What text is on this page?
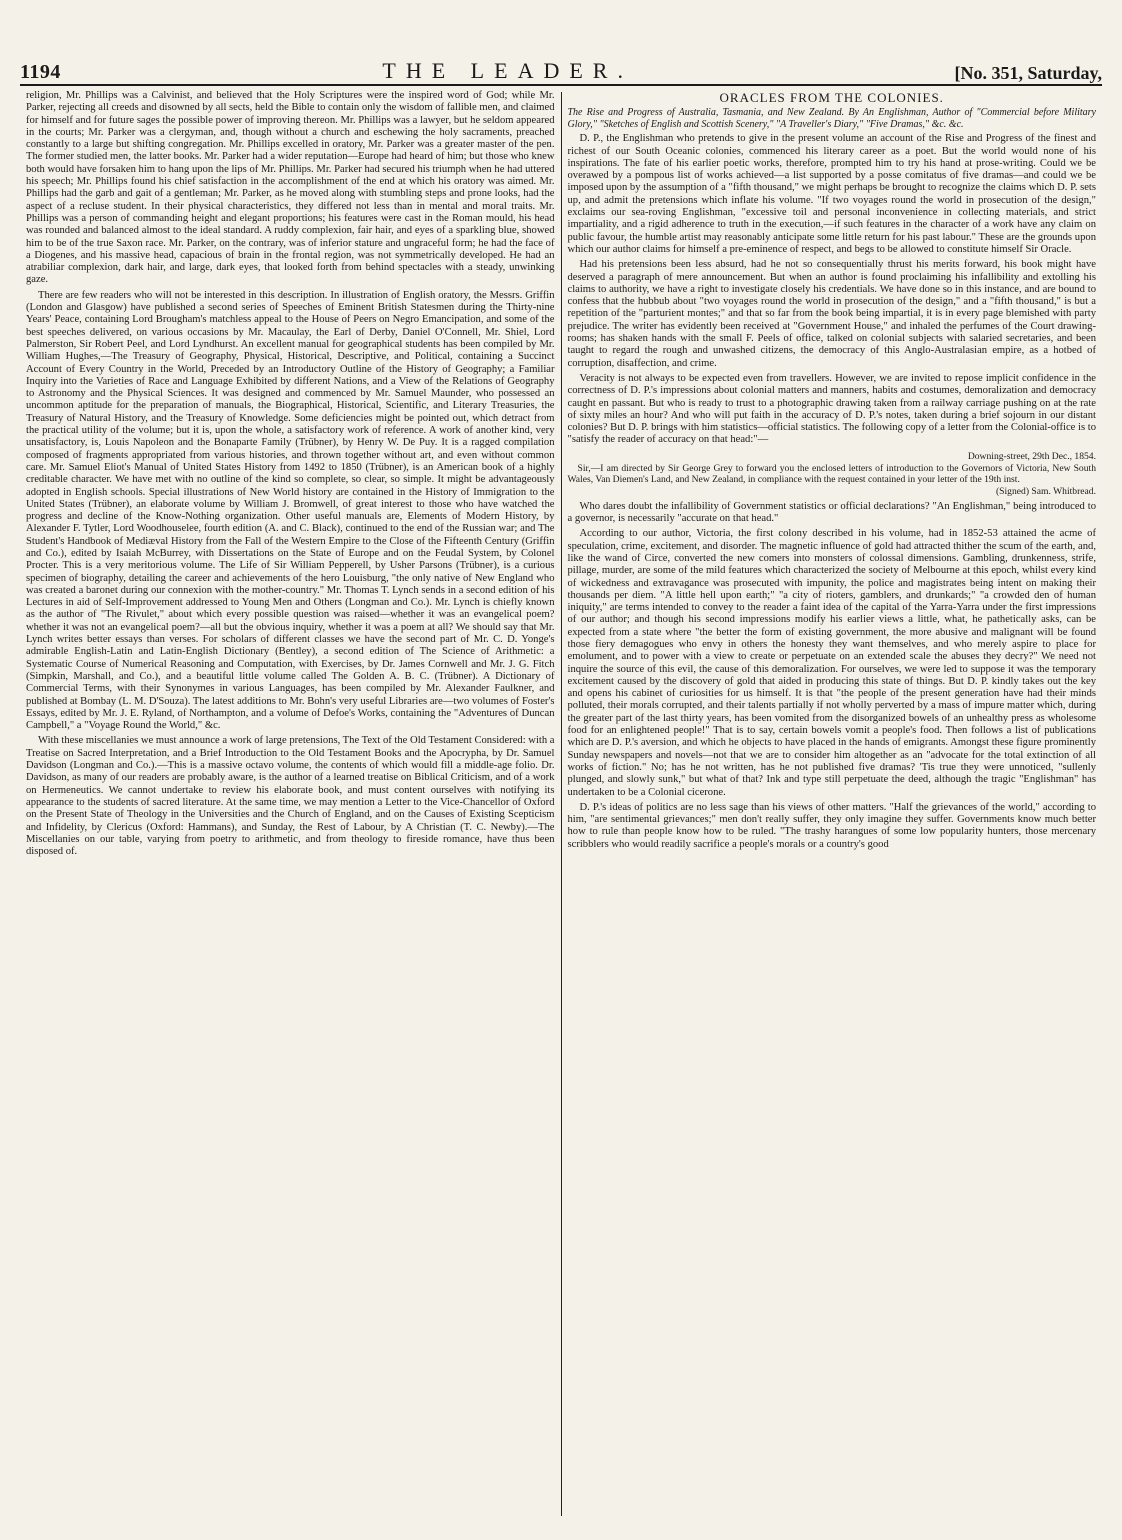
1194	THE LEADER.	[No. 351, Saturday,

religion, Mr. Phillips was a Calvinist, and believed that the Holy Scriptures were the inspired word of God; while Mr. Parker, rejecting all creeds and disowned by all sects, held the Bible to contain only the wisdom of fallible men, and claimed for himself and for future sages the possible power of improving thereon. Mr. Phillips was a lawyer, but he seldom appeared in the courts; Mr. Parker was a clergyman, and, though without a church and eschewing the holy sacraments, preached constantly to a large but shifting congregation. Mr. Phillips excelled in oratory, Mr. Parker was a greater master of the pen. The former studied men, the latter books. Mr. Parker had a wider reputation—Europe had heard of him; but those who knew both would have forsaken him to hang upon the lips of Mr. Phillips. Mr. Parker had secured his triumph when he had uttered his speech; Mr. Phillips found his chief satisfaction in the accomplishment of the end at which his oratory was aimed. Mr. Phillips had the garb and gait of a gentleman; Mr. Parker, as he moved along with stumbling steps and prone looks, had the aspect of a recluse student. In their physical characteristics, they differed not less than in mental and moral traits. Mr. Phillips was a person of commanding height and elegant proportions; his features were cast in the Roman mould, his head was rounded and balanced almost to the ideal standard. A ruddy complexion, fair hair, and eyes of a sparkling blue, showed him to be of the true Saxon race. Mr. Parker, on the contrary, was of inferior stature and ungraceful form; he had the face of a Diogenes, and his massive head, capacious of brain in the frontal region, was not symmetrically developed. He had an atrabiliar complexion, dark hair, and large, dark eyes, that looked forth from behind spectacles with a steady, unwinking gaze.

There are few readers who will not be interested in this description. In illustration of English oratory, the Messrs. Griffin (London and Glasgow) have published a second series of Speeches of Eminent British Statesmen during the Thirty-nine Years' Peace, containing Lord Brougham's matchless appeal to the House of Peers on Negro Emancipation, and some of the best speeches delivered, on various occasions by Mr. Macaulay, the Earl of Derby, Daniel O'Connell, Mr. Shiel, Lord Palmerston, Sir Robert Peel, and Lord Lyndhurst. An excellent manual for geographical students has been compiled by Mr. William Hughes,—The Treasury of Geography, Physical, Historical, Descriptive, and Political, containing a Succinct Account of Every Country in the World, Preceded by an Introductory Outline of the History of Geography; a Familiar Inquiry into the Varieties of Race and Language Exhibited by different Nations, and a View of the Relations of Geography to Astronomy and the Physical Sciences. It was designed and commenced by Mr. Samuel Maunder, who possessed an uncommon aptitude for the preparation of manuals, the Biographical, Historical, Scientific, and Literary Treasuries, the Treasury of Natural History, and the Treasury of Knowledge. Some deficiencies might be pointed out, which detract from the practical utility of the volume; but it is, upon the whole, a satisfactory work of reference. A work of another kind, very unsatisfactory, is, Louis Napoleon and the Bonaparte Family (Trübner), by Henry W. De Puy. It is a ragged compilation composed of fragments appropriated from various histories, and thrown together without art, and even without common care. Mr. Samuel Eliot's Manual of United States History from 1492 to 1850 (Trübner), is an American book of a highly creditable character. We have met with no outline of the kind so complete, so clear, so simple. It might be advantageously adopted in English schools. Special illustrations of New World history are contained in the History of Immigration to the United States (Trübner), an elaborate volume by William J. Bromwell, of great interest to those who have watched the progress and decline of the Know-Nothing organization. Other useful manuals are, Elements of Modern History, by Alexander F. Tytler, Lord Woodhouselee, fourth edition (A. and C. Black), continued to the end of the Russian war; and The Student's Handbook of Mediæval History from the Fall of the Western Empire to the Close of the Fifteenth Century (Griffin and Co.), edited by Isaiah McBurrey, with Dissertations on the State of Europe and on the Feudal System, by Colonel Procter. This is a very meritorious volume. The Life of Sir William Pepperell, by Usher Parsons (Trübner), is a curious specimen of biography, detailing the career and achievements of the hero Louisburg, "the only native of New England who was created a baronet during our connexion with the mother-country." Mr. Thomas T. Lynch sends in a second edition of his Lectures in aid of Self-Improvement addressed to Young Men and Others (Longman and Co.). Mr. Lynch is chiefly known as the author of "The Rivulet," about which every possible question was raised—whether it was an evangelical poem? whether it was not an evangelical poem?—all but the obvious inquiry, whether it was a poem at all? We should say that Mr. Lynch writes better essays than verses. For scholars of different classes we have the second part of Mr. C. D. Yonge's admirable English-Latin and Latin-English Dictionary (Bentley), a second edition of The Science of Arithmetic: a Systematic Course of Numerical Reasoning and Computation, with Exercises, by Dr. James Cornwell and Mr. J. G. Fitch (Simpkin, Marshall, and Co.), and a beautiful little volume called The Golden A. B. C. (Trübner). A Dictionary of Commercial Terms, with their Synonymes in various Languages, has been compiled by Mr. Alexander Faulkner, and published at Bombay (L. M. D'Souza). The latest additions to Mr. Bohn's very useful Libraries are—two volumes of Foster's Essays, edited by Mr. J. E. Ryland, of Northampton, and a volume of Defoe's Works, containing the "Adventures of Duncan Campbell," a "Voyage Round the World," &c.

With these miscellanies we must announce a work of large pretensions, The Text of the Old Testament Considered: with a Treatise on Sacred Interpretation, and a Brief Introduction to the Old Testament Books and the Apocrypha, by Dr. Samuel Davidson (Longman and Co.).—This is a massive octavo volume, the contents of which would fill a middle-age folio. Dr. Davidson, as many of our readers are probably aware, is the author of a learned treatise on Biblical Criticism, and of a work on Hermeneutics. We cannot undertake to review his elaborate book, and must content ourselves with notifying its appearance to the students of sacred literature. At the same time, we may mention a Letter to the Vice-Chancellor of Oxford on the Present State of Theology in the Universities and the Church of England, and on the Causes of Existing Scepticism and Infidelity, by Clericus (Oxford: Hammans), and Sunday, the Rest of Labour, by A Christian (T. C. Newby).—The Miscellanies on our table, varying from poetry to arithmetic, and from theology to fireside romance, have thus been disposed of.

ORACLES FROM THE COLONIES.

The Rise and Progress of Australia, Tasmania, and New Zealand. By An Englishman, Author of "Commercial before Military Glory," "Sketches of English and Scottish Scenery," "A Traveller's Diary," "Five Dramas," &c. &c.

D. P., the Englishman who pretends to give in the present volume an account of the Rise and Progress of the finest and richest of our South Oceanic colonies, commenced his literary career as a poet. But the world would none of his inspirations. The fate of his earlier poetic works, therefore, prompted him to try his hand at prose-writing. Could we be overawed by a pompous list of works achieved—a list supported by a posse comitatus of five dramas—and could we be imposed upon by the assumption of a "fifth thousand," we might perhaps be brought to recognize the claims which D. P. sets up, and admit the pretensions which inflate his volume. "If two voyages round the world in prosecution of the design," exclaims our sea-roving Englishman, "excessive toil and personal inconvenience in collecting materials, and strict impartiality, and a rigid adherence to truth in the execution,—if such features in the character of a work have any claim on public favour, the humble artist may reasonably anticipate some little return for his past labour." These are the grounds upon which our author claims for himself a pre-eminence of respect, and begs to be allowed to constitute himself Sir Oracle.

Had his pretensions been less absurd, had he not so consequentially thrust his merits forward, his book might have deserved a paragraph of mere announcement. But when an author is found proclaiming his infallibility and extolling his claims to authority, we have a right to investigate closely his credentials. We have done so in this instance, and are bound to confess that the hubbub about "two voyages round the world in prosecution of the design," and a "fifth thousand," is but a repetition of the "parturient montes;" and that so far from the book being impartial, it is in every page blemished with party prejudice. The writer has evidently been received at "Government House," and inhaled the perfumes of the Court drawing-rooms; has shaken hands with the small F. Peels of office, talked on colonial subjects with salaried secretaries, and been taught to regard the rough and unwashed citizens, the democracy of this Anglo-Australasian empire, as a hotbed of corruption, disaffection, and crime.

Veracity is not always to be expected even from travellers. However, we are invited to repose implicit confidence in the correctness of D. P.'s impressions about colonial matters and manners, habits and costumes, demoralization and democracy caught en passant. But who is ready to trust to a photographic drawing taken from a railway carriage pushing on at the rate of sixty miles an hour? And who will put faith in the accuracy of D. P.'s notes, taken during a brief sojourn in our distant colonies? But D. P. brings with him statistics—official statistics. The following copy of a letter from the Colonial-office is to "satisfy the reader of accuracy on that head:"—

Downing-street, 29th Dec., 1854.

Sir,—I am directed by Sir George Grey to forward you the enclosed letters of introduction to the Governors of Victoria, New South Wales, Van Diemen's Land, and New Zealand, in compliance with the request contained in your letter of the 19th inst.

(Signed) Sam. Whitbread.

Who dares doubt the infallibility of Government statistics or official declarations? "An Englishman," being introduced to a governor, is necessarily "accurate on that head."

According to our author, Victoria, the first colony described in his volume, had in 1852-53 attained the acme of speculation, crime, excitement, and disorder. The magnetic influence of gold had attracted thither the scum of the earth, and, like the wand of Circe, converted the new comers into monsters of colossal dimensions. Gambling, drunkenness, strife, pillage, murder, are some of the mild features which characterized the society of Melbourne at this epoch, whilst every kind of wickedness and extravagance was prosecuted with impunity, the police and magistrates being intent on making their thousands per diem. "A little hell upon earth;" "a city of rioters, gamblers, and drunkards;" "a crowded den of human iniquity," are terms intended to convey to the reader a faint idea of the capital of the Yarra-Yarra under the first impressions of our author; and though his second impressions modify his earlier views a little, what, he pathetically asks, can be expected from a state where "the better the form of existing government, the more abusive and malignant will be found those fiery demagogues who envy in others the honesty they want themselves, and who merely aspire to place for emolument, and to power with a view to create or perpetuate on an extended scale the abuses they decry?" We need not inquire the source of this evil, the cause of this demoralization. For ourselves, we were led to suppose it was the temporary excitement caused by the discovery of gold that aided in producing this state of things. But D. P. kindly takes out the key and opens his cabinet of curiosities for us himself. It is that "the people of the present generation have had their minds polluted, their morals corrupted, and their talents partially if not wholly perverted by a mass of impure matter which, during the greater part of the last thirty years, has been vomited from the disorganized bowels of an unhealthy press as wholesome food for an enlightened people!" That is to say, certain bowels vomit a people's food. Then follows a list of publications which are D. P.'s aversion, and which he objects to have placed in the hands of emigrants. Amongst these figure prominently Sunday newspapers and novels—not that we are to consider him altogether as an "advocate for the total extinction of all works of fiction." No; has he not written, has he not published five dramas? 'Tis true they were unnoticed, "sullenly plunged, and slowly sunk," but what of that? Ink and type still perpetuate the deed, although the tragic "Englishman" has undertaken to be a Colonial cicerone.

D. P.'s ideas of politics are no less sage than his views of other matters. "Half the grievances of the world," according to him, "are sentimental grievances;" men don't really suffer, they only imagine they suffer. Governments know much better how to rule than people know how to be ruled. "The trashy harangues of some low popularity hunters, those mercenary scribblers who would readily sacrifice a people's morals or a country's good
